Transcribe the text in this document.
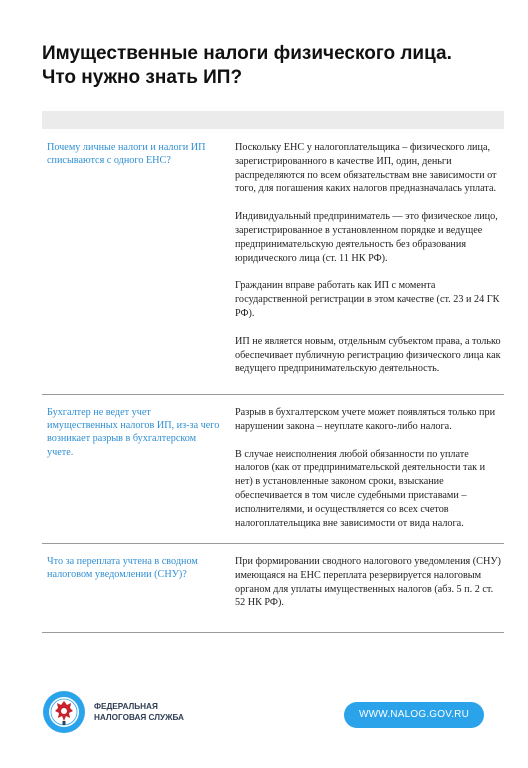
Имущественные налоги физического лица.
Что нужно знать ИП?
Почему личные налоги и налоги ИП списываются с одного ЕНС?

Поскольку ЕНС у налогоплательщика – физического лица, зарегистрированного в качестве ИП, один, деньги распределяются по всем обязательствам вне зависимости от того, для погашения каких налогов предназначалась уплата.

Индивидуальный предприниматель — это физическое лицо, зарегистрированное в установленном порядке и ведущее предпринимательскую деятельность без образования юридического лица (ст. 11 НК РФ).

Гражданин вправе работать как ИП с момента государственной регистрации в этом качестве (ст. 23 и 24 ГК РФ).

ИП не является новым, отдельным субъектом права, а только обеспечивает публичную регистрацию физического лица как ведущего предпринимательскую деятельность.

Бухгалтер не ведет учет имущественных налогов ИП, из-за чего возникает разрыв в бухгалтерском учете.

Разрыв в бухгалтерском учете может появляться только при нарушении закона – неуплате какого-либо налога.

В случае неисполнения любой обязанности по уплате налогов (как от предпринимательской деятельности так и нет) в установленные законом сроки, взыскание обеспечивается в том числе судебными приставами – исполнителями, и осуществляется со всех счетов налогоплательщика вне зависимости от вида налога.

Что за переплата учтена в сводном налоговом уведомлении (СНУ)?

При формировании сводного налогового уведомления (СНУ) имеющаяся на ЕНС переплата резервируется налоговым органом для уплаты имущественных налогов (абз. 5 п. 2 ст. 52 НК РФ).

ФЕДЕРАЛЬНАЯ
НАЛОГОВАЯ СЛУЖБА	WWW.NALOG.GOV.RU
